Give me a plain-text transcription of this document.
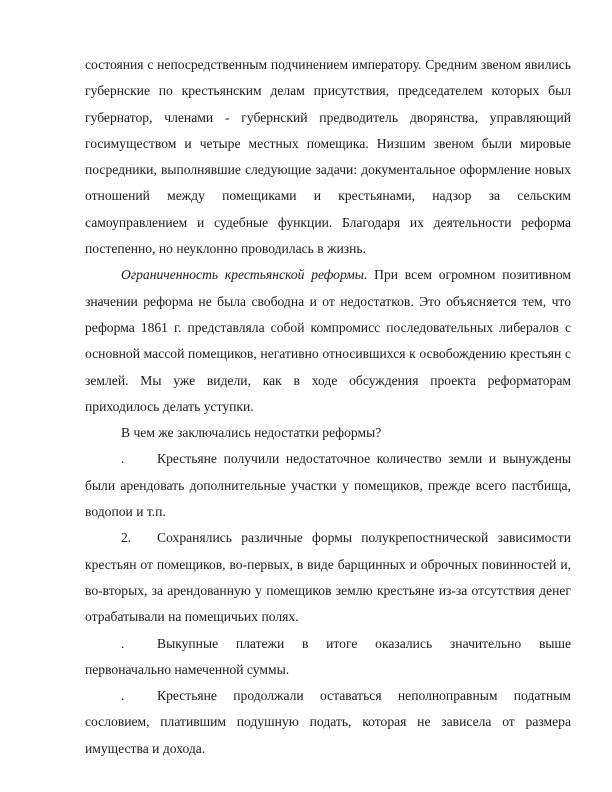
состояния с непосредственным подчинением императору. Средним звеном явились губернские по крестьянским делам присутствия, председателем которых был губернатор, членами - губернский предводитель дворянства, управляющий госимуществом и четыре местных помещика. Низшим звеном были мировые посредники, выполнявшие следующие задачи: документальное оформление новых отношений между помещиками и крестьянами, надзор за сельским самоуправлением и судебные функции. Благодаря их деятельности реформа постепенно, но неуклонно проводилась в жизнь.

Ограниченность крестьянской реформы. При всем огромном позитивном значении реформа не была свободна и от недостатков. Это объясняется тем, что реформа 1861 г. представляла собой компромисс последовательных либералов с основной массой помещиков, негативно относившихся к освобождению крестьян с землей. Мы уже видели, как в ходе обсуждения проекта реформаторам приходилось делать уступки.

В чем же заключались недостатки реформы?

. Крестьяне получили недостаточное количество земли и вынуждены были арендовать дополнительные участки у помещиков, прежде всего пастбища, водопои и т.п.

2. Сохранялись различные формы полукрепостнической зависимости крестьян от помещиков, во-первых, в виде барщинных и оброчных повинностей и, во-вторых, за арендованную у помещиков землю крестьяне из-за отсутствия денег отрабатывали на помещичьих полях.

. Выкупные платежи в итоге оказались значительно выше первоначально намеченной суммы.

. Крестьяне продолжали оставаться неполноправным податным сословием, платившим подушную подать, которая не зависела от размера имущества и дохода.
